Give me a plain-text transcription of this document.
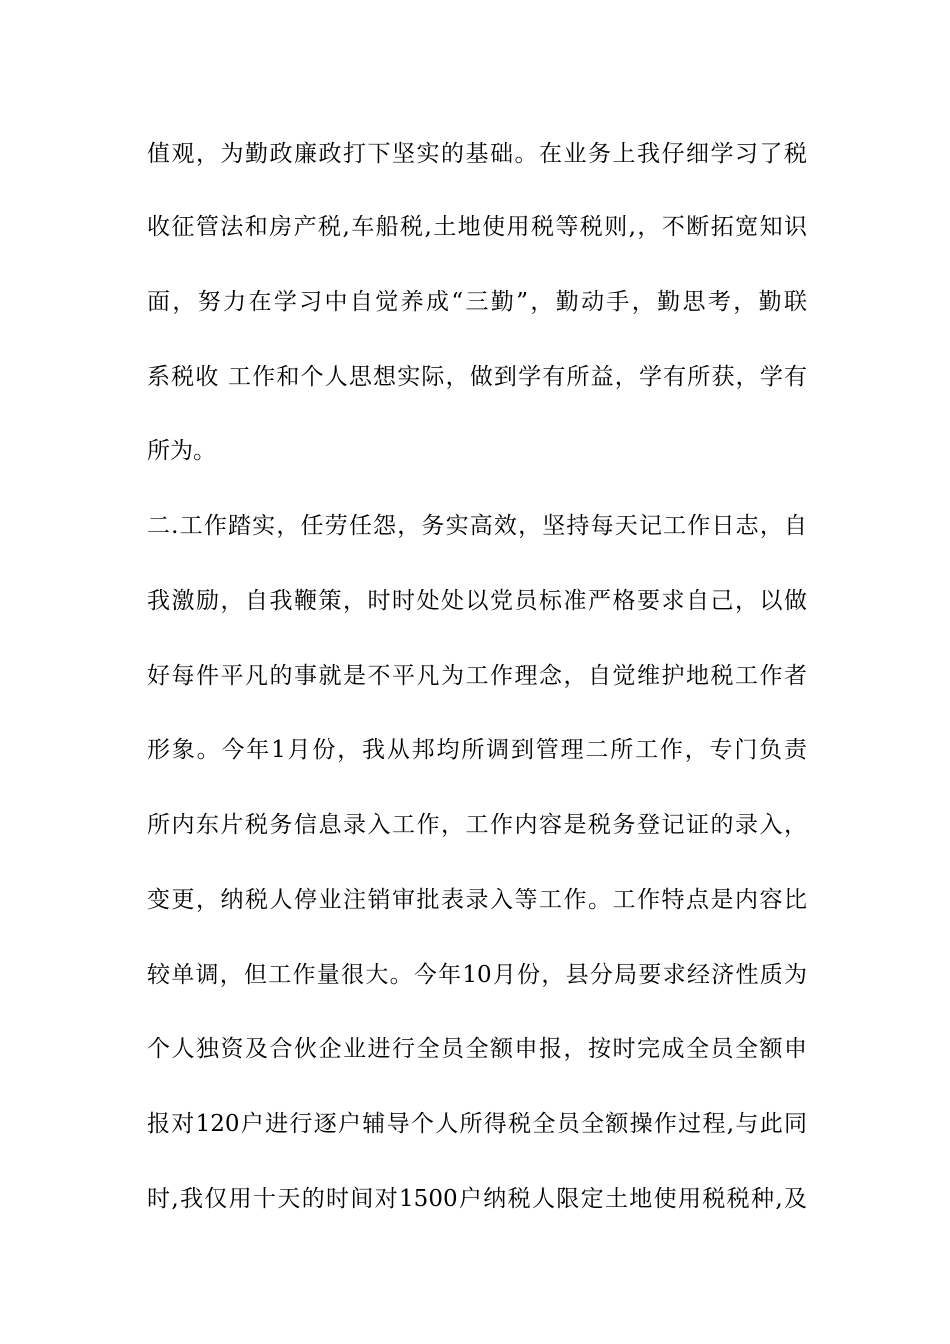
值观，为勤政廉政打下坚实的基础。在业务上我仔细学习了税
收征管法和房产税,车船税,土地使用税等税则,，不断拓宽知识
面，努力在学习中自觉养成“三勤”，勤动手，勤思考，勤联
系税收 工作和个人思想实际，做到学有所益，学有所获，学有
所为。
二.工作踏实，任劳任怨，务实高效，坚持每天记工作日志，自
我激励，自我鞭策，时时处处以党员标准严格要求自己，以做
好每件平凡的事就是不平凡为工作理念，自觉维护地税工作者
形象。今年1月份，我从邦均所调到管理二所工作，专门负责
所内东片税务信息录入工作，工作内容是税务登记证的录入，
变更，纳税人停业注销审批表录入等工作。工作特点是内容比
较单调，但工作量很大。今年10月份，县分局要求经济性质为
个人独资及合伙企业进行全员全额申报，按时完成全员全额申
报对120户进行逐户辅导个人所得税全员全额操作过程,与此同
时,我仅用十天的时间对1500户纳税人限定土地使用税税种,及
